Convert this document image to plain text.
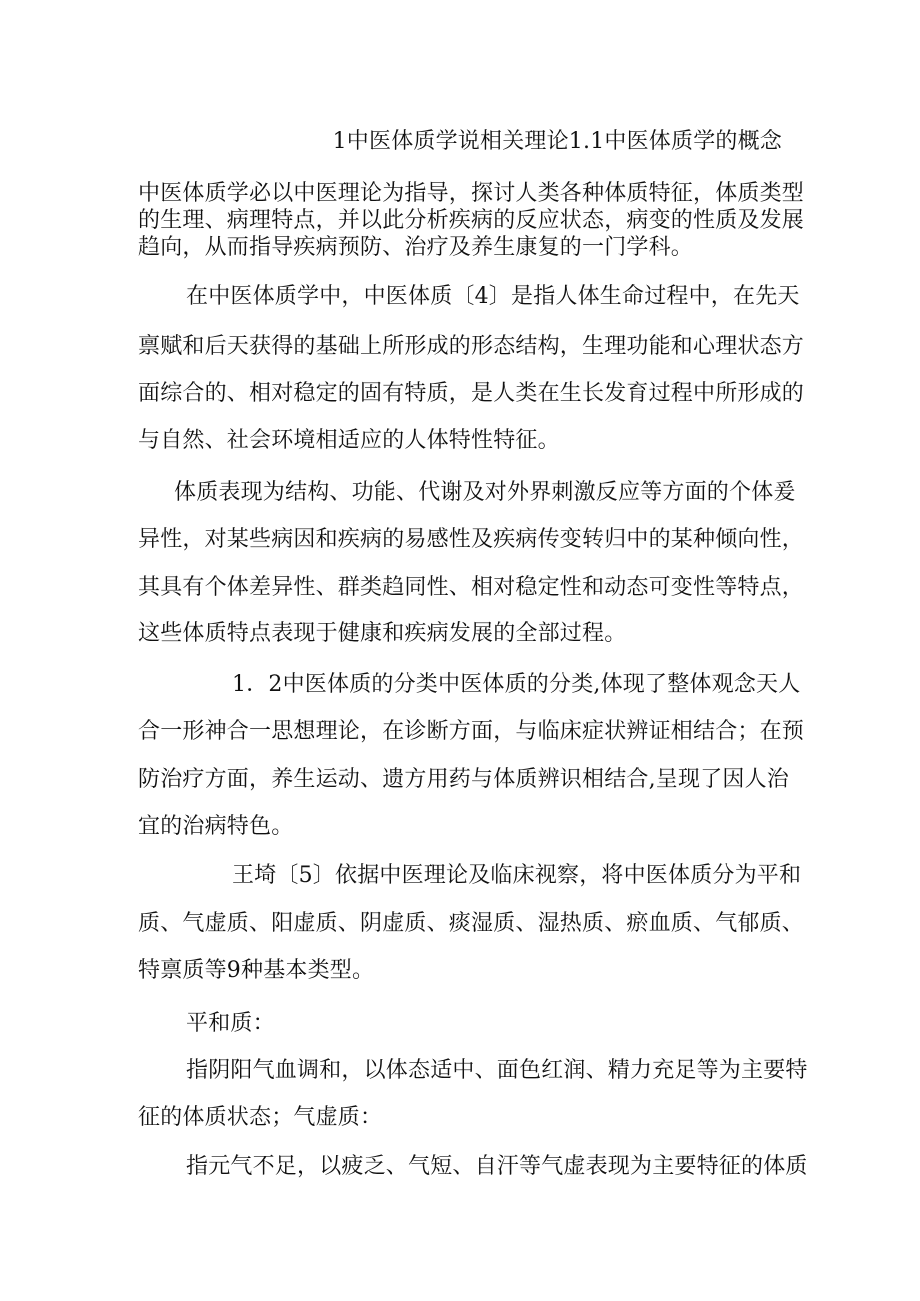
1中医体质学说相关理论1.1中医体质学的概念
中医体质学必以中医理论为指导，探讨人类各种体质特征，体质类型
的生理、病理特点，并以此分析疾病的反应状态，病变的性质及发展
趋向，从而指导疾病预防、治疗及养生康复的一门学科。
在中医体质学中，中医体质〔4〕是指人体生命过程中，在先天
禀赋和后天获得的基础上所形成的形态结构，生理功能和心理状态方
面综合的、相对稳定的固有特质，是人类在生长发育过程中所形成的
与自然、社会环境相适应的人体特性特征。
体质表现为结构、功能、代谢及对外界刺激反应等方面的个体爰
异性，对某些病因和疾病的易感性及疾病传变转归中的某种倾向性，
其具有个体差异性、群类趋同性、相对稳定性和动态可变性等特点，
这些体质特点表现于健康和疾病发展的全部过程。
1．2中医体质的分类中医体质的分类,体现了整体观念天人
合一形神合一思想理论，在诊断方面，与临床症状辨证相结合；在预
防治疗方面，养生运动、遗方用药与体质辨识相结合,呈现了因人治
宜的治病特色。
王埼〔5〕依据中医理论及临床视察，将中医体质分为平和
质、气虚质、阳虚质、阴虚质、痰湿质、湿热质、瘀血质、气郁质、
特禀质等9种基本类型。
平和质：
指阴阳气血调和，以体态适中、面色红润、精力充足等为主要特
征的体质状态；气虚质：
指元气不足，以疲乏、气短、自汗等气虚表现为主要特征的体质
